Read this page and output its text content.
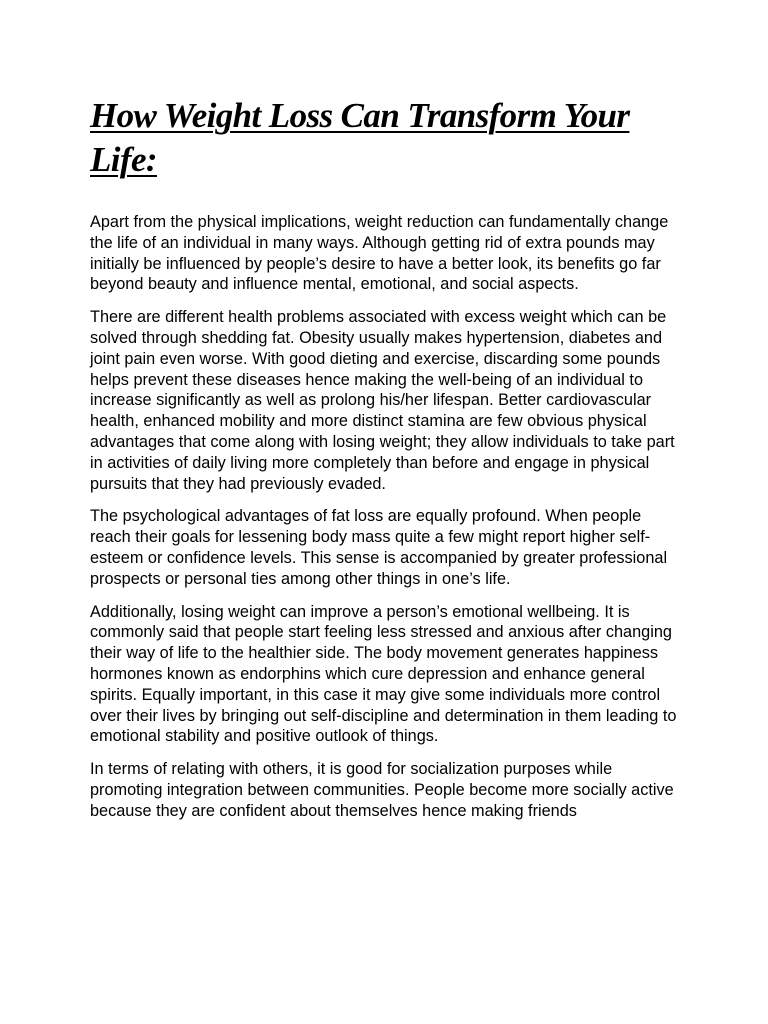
How Weight Loss Can Transform Your Life:

Apart from the physical implications, weight reduction can fundamentally change the life of an individual in many ways. Although getting rid of extra pounds may initially be influenced by people’s desire to have a better look, its benefits go far beyond beauty and influence mental, emotional, and social aspects.

There are different health problems associated with excess weight which can be solved through shedding fat. Obesity usually makes hypertension, diabetes and joint pain even worse. With good dieting and exercise, discarding some pounds helps prevent these diseases hence making the well-being of an individual to increase significantly as well as prolong his/her lifespan. Better cardiovascular health, enhanced mobility and more distinct stamina are few obvious physical advantages that come along with losing weight; they allow individuals to take part in activities of daily living more completely than before and engage in physical pursuits that they had previously evaded.

The psychological advantages of fat loss are equally profound. When people reach their goals for lessening body mass quite a few might report higher self-esteem or confidence levels. This sense is accompanied by greater professional prospects or personal ties among other things in one’s life.

Additionally, losing weight can improve a person’s emotional wellbeing. It is commonly said that people start feeling less stressed and anxious after changing their way of life to the healthier side. The body movement generates happiness hormones known as endorphins which cure depression and enhance general spirits. Equally important, in this case it may give some individuals more control over their lives by bringing out self-discipline and determination in them leading to emotional stability and positive outlook of things.

In terms of relating with others, it is good for socialization purposes while promoting integration between communities. People become more socially active because they are confident about themselves hence making friends
